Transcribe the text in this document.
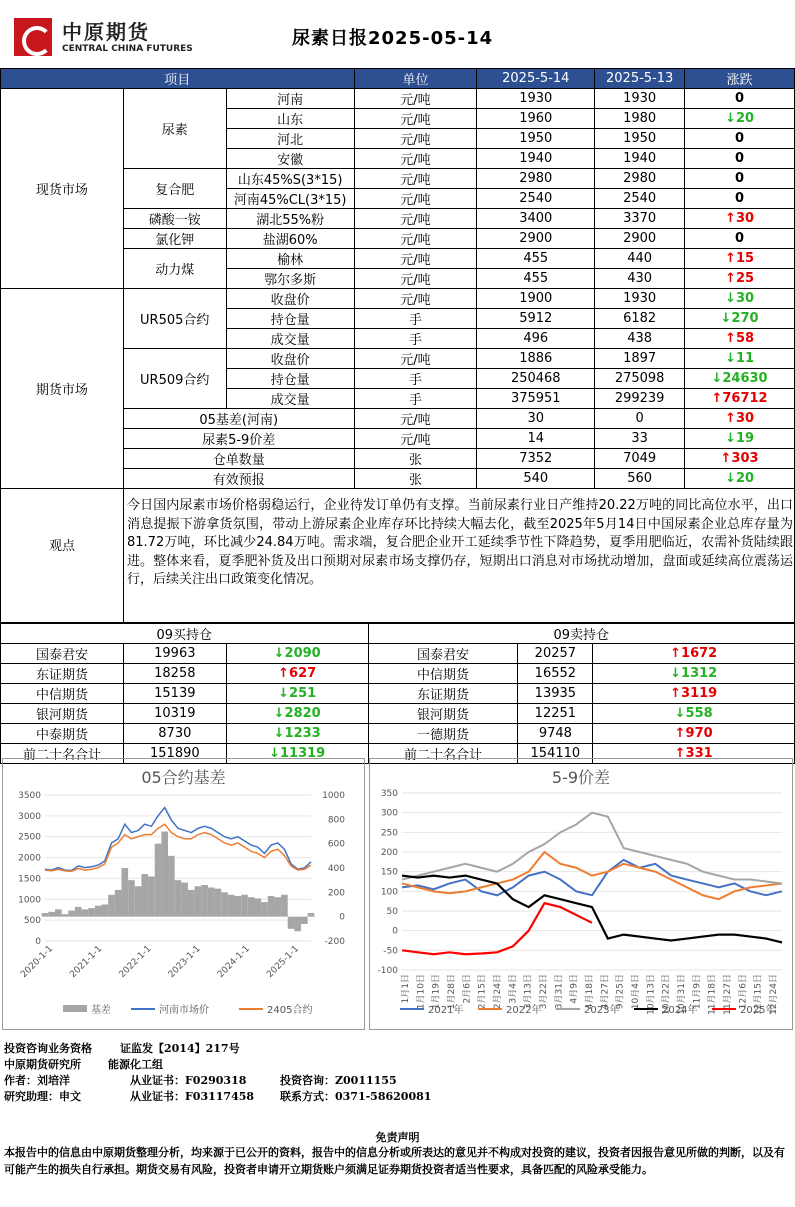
中原期货
CENTRAL CHINA FUTURES	尿素日报2025-05-14
项目			单位	2025-5-14	2025-5-13	涨跌
现货市场	尿素	河南	元/吨	1930	1930	0
		山东	元/吨	1960	1980	↓20
		河北	元/吨	1950	1950	0
		安徽	元/吨	1940	1940	0
	复合肥	山东45%S(3*15)	元/吨	2980	2980	0
		河南45%CL(3*15)	元/吨	2540	2540	0
	磷酸一铵	湖北55%粉	元/吨	3400	3370	↑30
	氯化钾	盐湖60%	元/吨	2900	2900	0
	动力煤	榆林	元/吨	455	440	↑15
		鄂尔多斯	元/吨	455	430	↑25
期货市场	UR505合约	收盘价	元/吨	1900	1930	↓30
		持仓量	手	5912	6182	↓270
		成交量	手	496	438	↑58
	UR509合约	收盘价	元/吨	1886	1897	↓11
		持仓量	手	250468	275098	↓24630
		成交量	手	375951	299239	↑76712
	05基差(河南)		元/吨	30	0	↑30
	尿素5-9价差		元/吨	14	33	↓19
	仓单数量		张	7352	7049	↑303
	有效预报		张	540	560	↓20
观点
今日国内尿素市场价格弱稳运行，企业待发订单仍有支撑。当前尿素行业日产维持20.22万吨的同比高位水平，出口消息提振下游拿货氛围，带动上游尿素企业库存环比持续大幅去化，截至2025年5月14日中国尿素企业总库存量为81.72万吨，环比减少24.84万吨。需求端，复合肥企业开工延续季节性下降趋势，夏季用肥临近，农需补货陆续跟进。整体来看，夏季肥补货及出口预期对尿素市场支撑仍存，短期出口消息对市场扰动增加，盘面或延续高位震荡运行，后续关注出口政策变化情况。
09买持仓			09卖持仓		
国泰君安	19963	↓2090	国泰君安	20257	↑1672
东证期货	18258	↑627	中信期货	16552	↓1312
中信期货	15139	↓251	东证期货	13935	↑3119
银河期货	10319	↓2820	银河期货	12251	↓558
中泰期货	8730	↓1233	一德期货	9748	↑970
前二十名合计	151890	↓11319	前二十名合计	154110	↑331
05合约基差
0
500
1000
1500
2000
2500
3000
3500
-200
0
200
400
600
800
1000
2020-1-1 2021-1-1 2022-1-1 2023-1-1 2024-1-1 2025-1-1
基差	河南市场价	2405合约
5-9价差
-100
-50
0
50
100
150
200
250
300
350
1月1日 1月10日 1月19日 1月28日 2月6日 2月15日 2月24日 3月4日 3月13日 3月22日 3月31日 4月9日 4月18日 4月27日 9月25日 10月4日 10月13日 10月22日 10月31日 11月9日 11月18日 11月27日 12月6日 12月15日 12月24日
2021年	2022年	2023年	2024年	2025年
投资咨询业务资格	证监发【2014】217号
中原期货研究所 能源化工组
作者：刘培洋	从业证书：F0290318	投资咨询：Z0011155
研究助理：申文	从业证书：F03117458 联系方式：0371-58620081
免责声明
本报告中的信息由中原期货整理分析，均来源于已公开的资料，报告中的信息分析或所表达的意见并不构成对投资的建议，投资者因报告意见所做的判断，以及有可能产生的损失自行承担。期货交易有风险，投资者申请开立期货账户须满足证券期货投资者适当性要求，具备匹配的风险承受能力。
